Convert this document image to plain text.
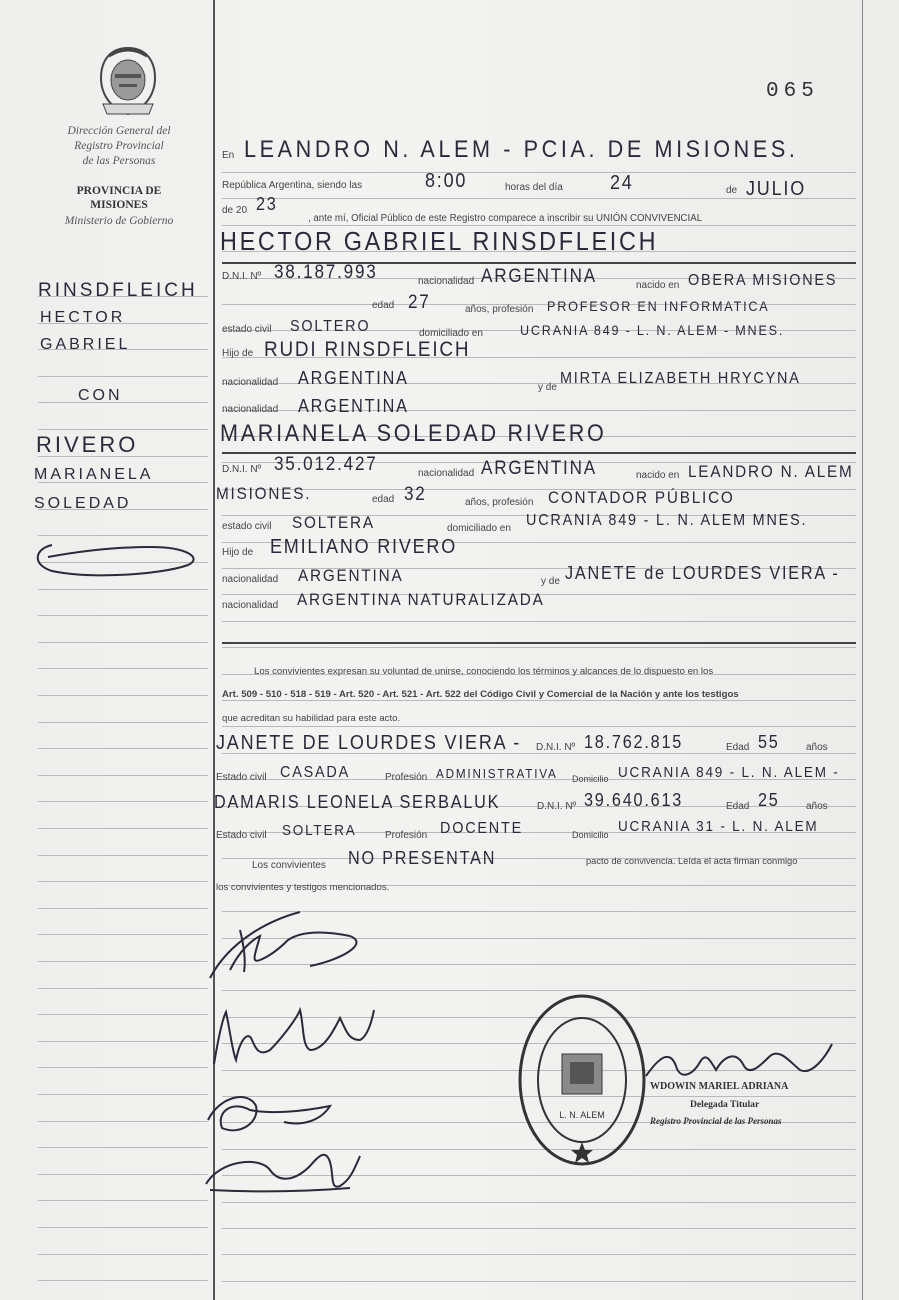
Dirección General del
Registro Provincial
de las Personas
PROVINCIA DE
MISIONES
Ministerio de Gobierno
065
RINSDFLEICH
HECTOR
GABRIEL
CON
RIVERO
MARIANELA
SOLEDAD
En LEANDRO N. ALEM - PCIA. DE MISIONES.
República Argentina, siendo las	8:00	horas del día 24	de JULIO
de 20 23
, ante mí, Oficial Público de este Registro comparece a inscribir su UNIÓN CONVIVENCIAL
HECTOR GABRIEL RINSDFLEICH
D.N.I. Nº 38.187.993	nacionalidad ARGENTINA	nacido en OBERA MISIONES
edad 27	años, profesión PROFESOR EN INFORMATICA
estado civil SOLTERO	domiciliado en	UCRANIA 849 - L. N. ALEM - MNES.
Hijo de RUDI RINSDFLEICH
nacionalidad ARGENTINA	y de
MIRTA ELIZABETH HRYCYNA
nacionalidad ARGENTINA
MARIANELA SOLEDAD RIVERO
D.N.I. Nº 35.012.427	nacionalidad ARGENTINA	nacido en LEANDRO N. ALEM
MISIONES.	edad 32	años, profesión CONTADOR PÚBLICO
estado civil SOLTERA	domiciliado en UCRANIA 849 - L. N. ALEM MNES.
Hijo de EMILIANO RIVERO
nacionalidad ARGENTINA	y de JANETE de LOURDES VIERA -
nacionalidad ARGENTINA NATURALIZADA
Los convivientes expresan su voluntad de unirse, conociendo los términos y alcances de lo dispuesto en los
Art. 509 - 510 - 518 - 519 - Art. 520 - Art. 521 - Art. 522 del Código Civil y Comercial de la Nación y ante los testigos
que acreditan su habilidad para este acto.
JANETE DE LOURDES VIERA - D.N.I. Nº 18.762.815	Edad 55	años
Estado civil CASADA	Profesión ADMINISTRATIVA Domicilio UCRANIA 849 - L. N. ALEM -
DAMARIS LEONELA SERBALUK	D.N.I. Nº 39.640.613	Edad 25	años
Estado civil SOLTERA	Profesión DOCENTE	Domicilio UCRANIA 31 - L. N. ALEM
Los convivientes NO PRESENTAN	pacto de convivencia. Leída el acta firman conmigo
los convivientes y testigos mencionados.
L. N. ALEM
WDOWIN MARIEL ADRIANA
Delegada Titular
Registro Provincial de las Personas
